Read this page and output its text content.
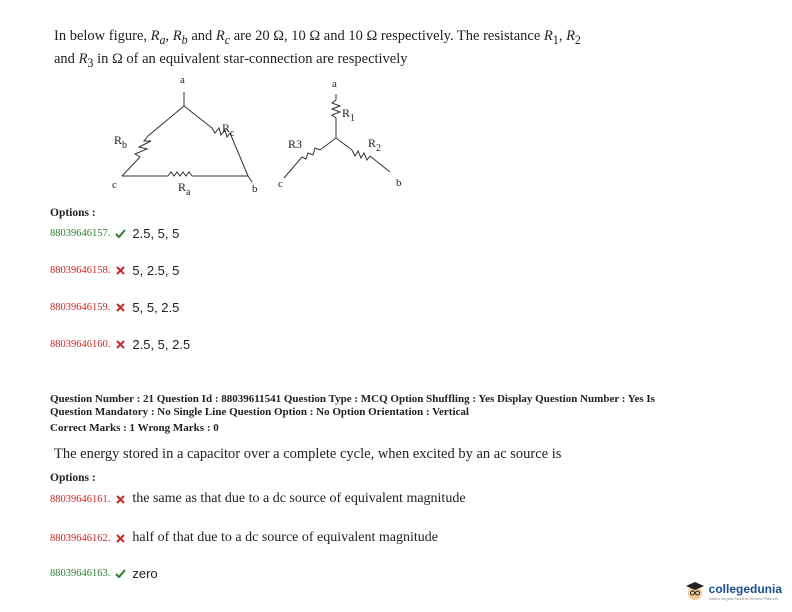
In below figure, $R_a$, $R_b$ and $R_c$ are 20 Ω, 10 Ω and 10 Ω respectively. The resistance $R_1$, $R_2$
and $R_3$ in Ω of an equivalent star-connection are respectively
a
c	b
$R_b$
$R_c$
$R_a$
a
c	b
$R_1$
$R_2$
R3
Options :
88039646157. 2.5, 5, 5
88039646158. 5, 2.5, 5
88039646159. 5, 5, 2.5
88039646160. 2.5, 5, 2.5
Question Number : 21 Question Id : 88039611541 Question Type : MCQ Option Shuffling : Yes Display Question Number : Yes Is
Question Mandatory : No Single Line Question Option : No Option Orientation : Vertical
Correct Marks : 1 Wrong Marks : 0
The energy stored in a capacitor over a complete cycle, when excited by an ac source is
Options :
88039646161. the same as that due to a dc source of equivalent magnitude
88039646162. half of that due to a dc source of equivalent magnitude
88039646163. zero
collegedunia
India's largest Student Review Platform
